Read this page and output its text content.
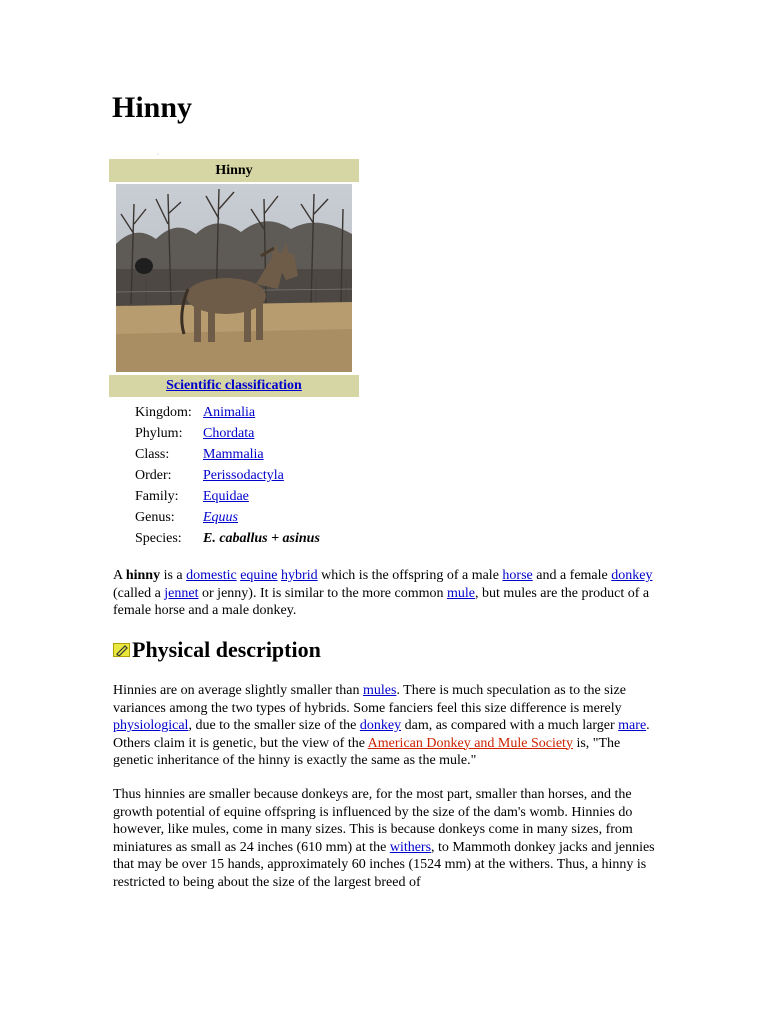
Hinny
·
Hinny
Scientific classification
Kingdom:	Animalia
Phylum:	Chordata
Class:	Mammalia
Order:	Perissodactyla
Family:	Equidae
Genus:	Equus
Species:	E. caballus + asinus

A hinny is a domestic equine hybrid which is the offspring of a male horse and a female donkey (called a jennet or jenny). It is similar to the more common mule, but mules are the product of a female horse and a male donkey.

Physical description

Hinnies are on average slightly smaller than mules. There is much speculation as to the size variances among the two types of hybrids. Some fanciers feel this size difference is merely physiological, due to the smaller size of the donkey dam, as compared with a much larger mare. Others claim it is genetic, but the view of the American Donkey and Mule Society is, "The genetic inheritance of the hinny is exactly the same as the mule."

Thus hinnies are smaller because donkeys are, for the most part, smaller than horses, and the growth potential of equine offspring is influenced by the size of the dam's womb. Hinnies do however, like mules, come in many sizes. This is because donkeys come in many sizes, from miniatures as small as 24 inches (610 mm) at the withers, to Mammoth donkey jacks and jennies that may be over 15 hands, approximately 60 inches (1524 mm) at the withers. Thus, a hinny is restricted to being about the size of the largest breed of
